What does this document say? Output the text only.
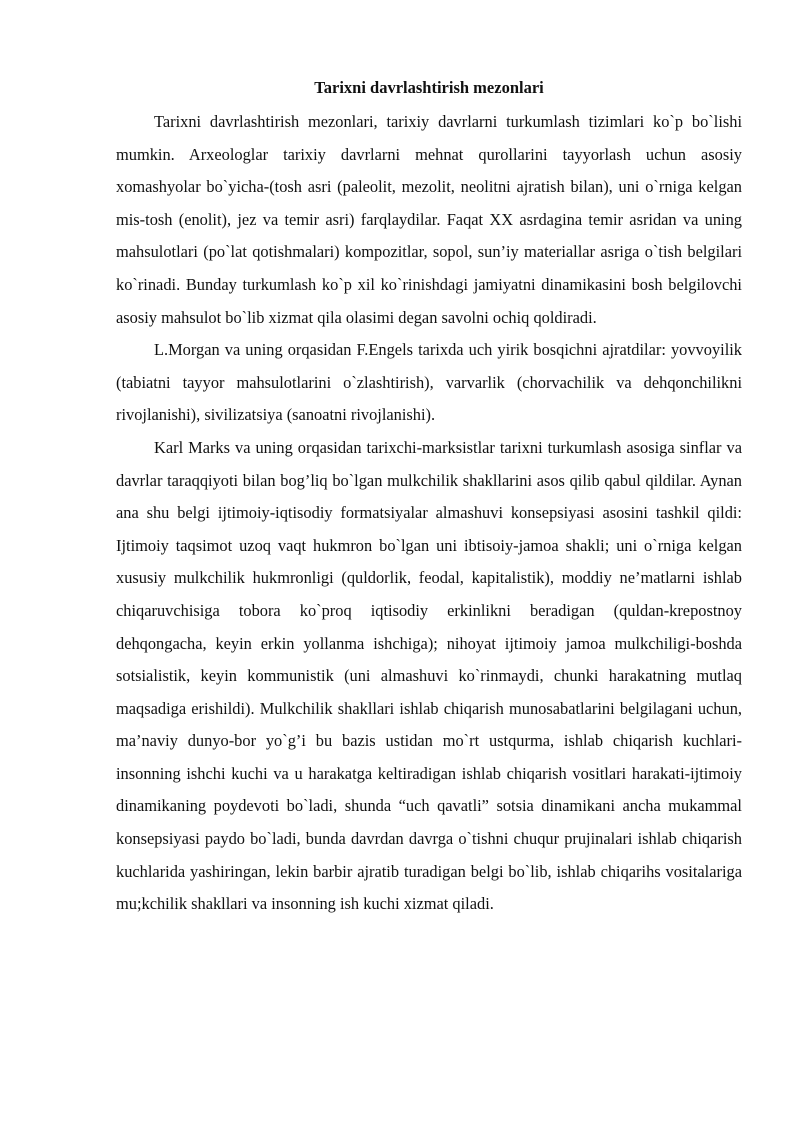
Tarixni davrlashtirish mezonlari

Tarixni davrlashtirish mezonlari, tarixiy davrlarni turkumlash tizimlari ko`p bo`lishi mumkin. Arxeologlar tarixiy davrlarni mehnat qurollarini tayyorlash uchun asosiy xomashyolar bo`yicha-(tosh asri (paleolit, mezolit, neolitni ajratish bilan), uni o`rniga kelgan mis-tosh (enolit), jez va temir asri) farqlaydilar. Faqat XX asrdagina temir asridan va uning mahsulotlari (po`lat qotishmalari) kompozitlar, sopol, sun’iy materiallar asriga o`tish belgilari ko`rinadi. Bunday turkumlash ko`p xil ko`rinishdagi jamiyatni dinamikasini bosh belgilovchi asosiy mahsulot bo`lib xizmat qila olasimi degan savolni ochiq qoldiradi.

L.Morgan va uning orqasidan F.Engels tarixda uch yirik bosqichni ajratdilar: yovvoyilik (tabiatni tayyor mahsulotlarini o`zlashtirish), varvarlik (chorvachilik va dehqonchilikni rivojlanishi), sivilizatsiya (sanoatni rivojlanishi).

Karl Marks va uning orqasidan tarixchi-marksistlar tarixni turkumlash asosiga sinflar va davrlar taraqqiyoti bilan bog’liq bo`lgan mulkchilik shakllarini asos qilib qabul qildilar. Aynan ana shu belgi ijtimoiy-iqtisodiy formatsiyalar almashuvi konsepsiyasi asosini tashkil qildi: Ijtimoiy taqsimot uzoq vaqt hukmron bo`lgan uni ibtisoiy-jamoa shakli; uni o`rniga kelgan xususiy mulkchilik hukmronligi (quldorlik, feodal, kapitalistik), moddiy ne’matlarni ishlab chiqaruvchisiga tobora ko`proq iqtisodiy erkinlikni beradigan (quldan-krepostnoy dehqongacha, keyin erkin yollanma ishchiga); nihoyat ijtimoiy jamoa mulkchiligi-boshda sotsialistik, keyin kommunistik (uni almashuvi ko`rinmaydi, chunki harakatning mutlaq maqsadiga erishildi). Mulkchilik shakllari ishlab chiqarish munosabatlarini belgilagani uchun, ma’naviy dunyo-bor yo`g’i bu bazis ustidan mo`rt ustqurma, ishlab chiqarish kuchlari-insonning ishchi kuchi va u harakatga keltiradigan ishlab chiqarish vositlari harakati-ijtimoiy dinamikaning poydevoti bo`ladi, shunda “uch qavatli” sotsia dinamikani ancha mukammal konsepsiyasi paydo bo`ladi, bunda davrdan davrga o`tishni chuqur prujinalari ishlab chiqarish kuchlarida yashiringan, lekin barbir ajratib turadigan belgi bo`lib, ishlab chiqarihs vositalariga mu;kchilik shakllari va insonning ish kuchi xizmat qiladi.
